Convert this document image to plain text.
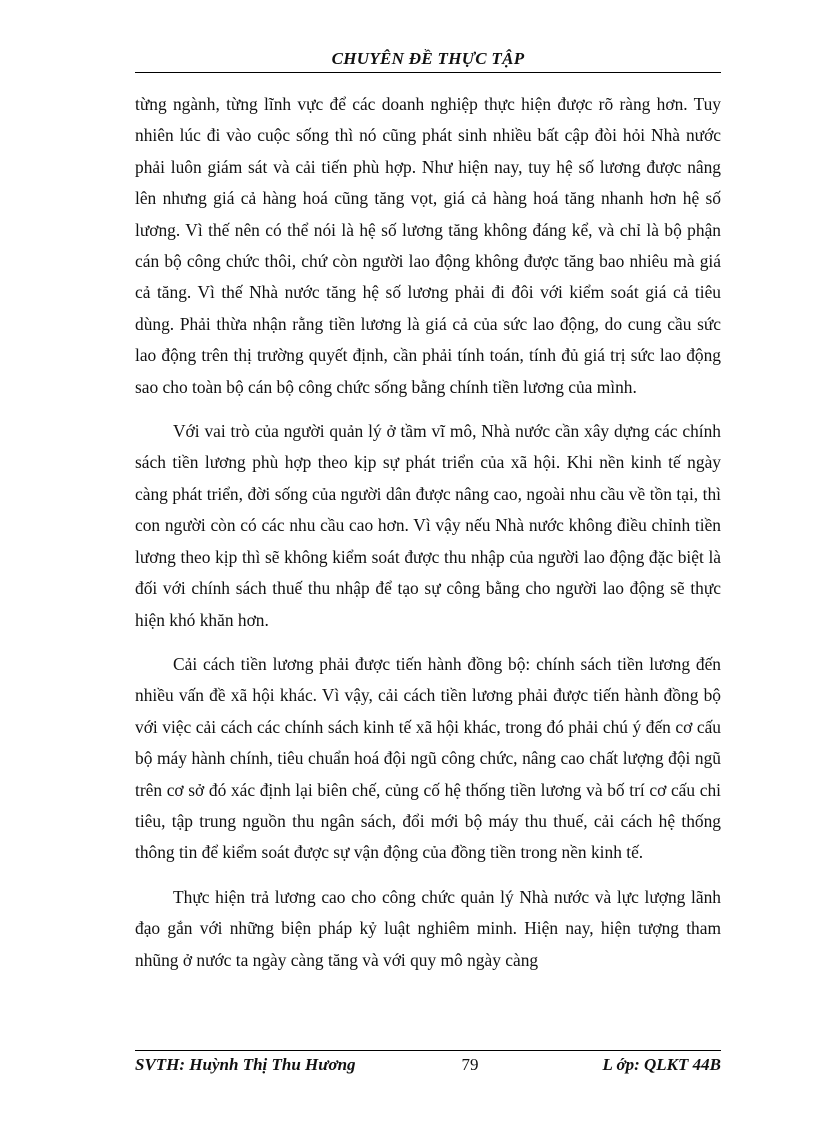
CHUYÊN ĐỀ THỰC TẬP

từng ngành, từng lĩnh vực để các doanh nghiệp thực hiện được rõ ràng hơn. Tuy nhiên lúc đi vào cuộc sống thì nó cũng phát sinh nhiều bất cập đòi hỏi Nhà nước phải luôn giám sát và cải tiến phù hợp. Như hiện nay, tuy hệ số lương được nâng lên nhưng giá cả hàng hoá cũng tăng vọt, giá cả hàng hoá tăng nhanh hơn hệ số lương. Vì thế nên có thể nói là hệ số lương tăng không đáng kể, và chỉ là bộ phận cán bộ công chức thôi, chứ còn người lao động không được tăng bao nhiêu mà giá cả tăng. Vì thế Nhà nước tăng hệ số lương phải đi đôi với kiểm soát giá cả tiêu dùng. Phải thừa nhận rằng tiền lương là giá cả của sức lao động, do cung cầu sức lao động trên thị trường quyết định, cần phải tính toán, tính đủ giá trị sức lao động sao cho toàn bộ cán bộ công chức sống bằng chính tiền lương của mình.

Với vai trò của người quản lý ở tầm vĩ mô, Nhà nước cần xây dựng các chính sách tiền lương phù hợp theo kịp sự phát triển của xã hội. Khi nền kinh tế ngày càng phát triển, đời sống của người dân được nâng cao, ngoài nhu cầu về tồn tại, thì con người còn có các nhu cầu cao hơn. Vì vậy nếu Nhà nước không điều chỉnh tiền lương theo kịp thì sẽ không kiểm soát được thu nhập của người lao động đặc biệt là đối với chính sách thuế thu nhập để tạo sự công bằng cho người lao động sẽ thực hiện khó khăn hơn.

Cải cách tiền lương phải được tiến hành đồng bộ: chính sách tiền lương đến nhiều vấn đề xã hội khác. Vì vậy, cải cách tiền lương phải được tiến hành đồng bộ với việc cải cách các chính sách kinh tế xã hội khác, trong đó phải chú ý đến cơ cấu bộ máy hành chính, tiêu chuẩn hoá đội ngũ công chức, nâng cao chất lượng đội ngũ trên cơ sở đó xác định lại biên chế, củng cố hệ thống tiền lương và bố trí cơ cấu chi tiêu, tập trung nguồn thu ngân sách, đổi mới bộ máy thu thuế, cải cách hệ thống thông tin để kiểm soát được sự vận động của đồng tiền trong nền kinh tế.

Thực hiện trả lương cao cho công chức quản lý Nhà nước và lực lượng lãnh đạo gắn với những biện pháp kỷ luật nghiêm minh. Hiện nay, hiện tượng tham nhũng ở nước ta ngày càng tăng và với quy mô ngày càng

SVTH: Huỳnh Thị Thu Hương	79	L ớp: QLKT 44B
